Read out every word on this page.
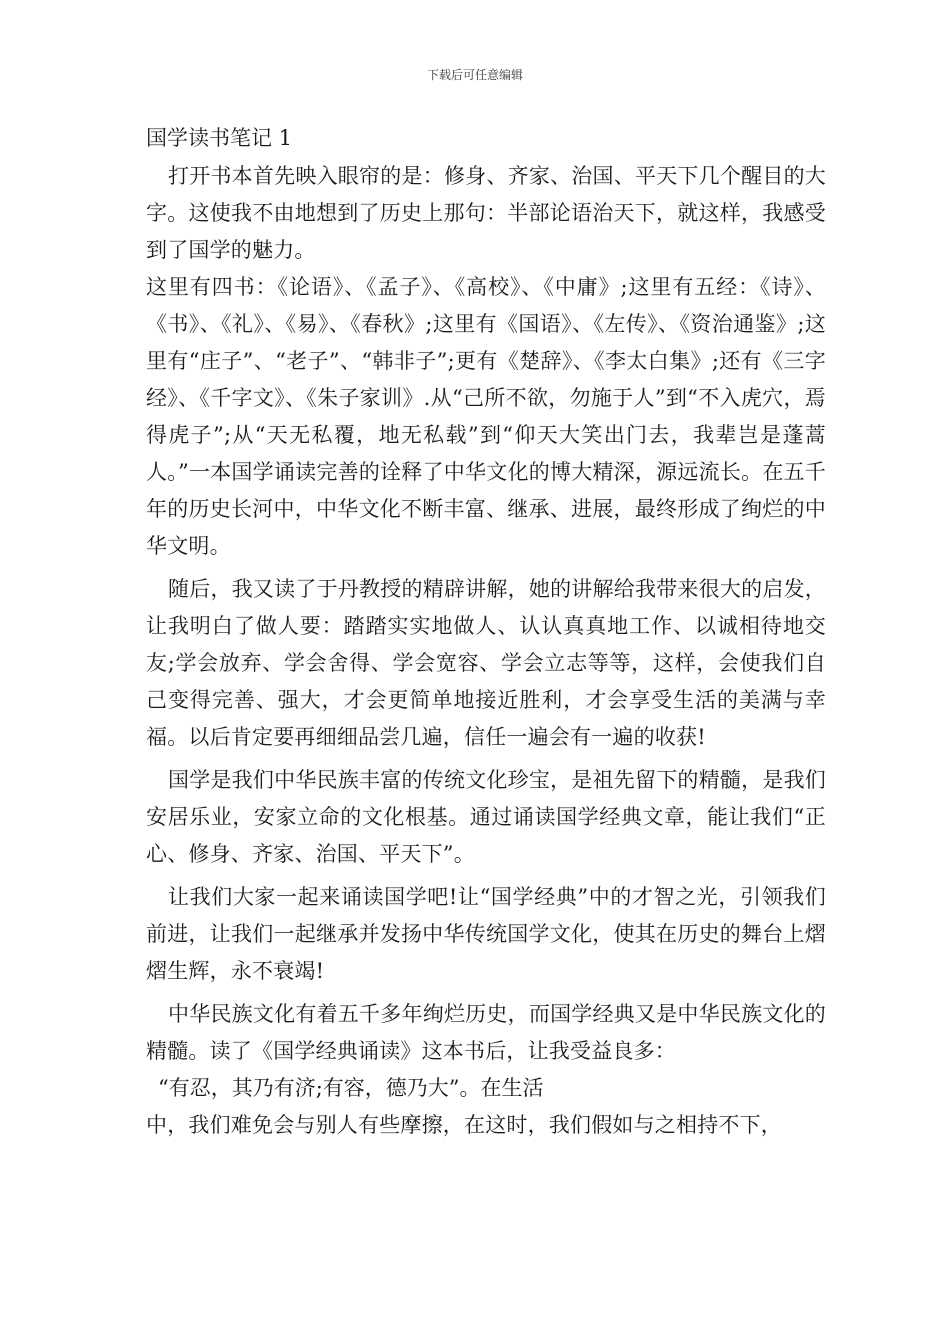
下载后可任意编辑
国学读书笔记 1

打开书本首先映入眼帘的是：修身、齐家、治国、平天下几个醒目的大字。这使我不由地想到了历史上那句：半部论语治天下，就这样，我感受到了国学的魅力。

这里有四书：《论语》、《孟子》、《高校》、《中庸》;这里有五经：《诗》、《书》、《礼》、《易》、《春秋》;这里有《国语》、《左传》、《资治通鉴》;这里有“庄子”、“老子”、“韩非子”;更有《楚辞》、《李太白集》;还有《三字经》、《千字文》、《朱子家训》.从“己所不欲，勿施于人”到“不入虎穴，焉得虎子”;从“天无私覆，地无私载”到“仰天大笑出门去，我辈岂是蓬蒿人。”一本国学诵读完善的诠释了中华文化的博大精深，源远流长。在五千年的历史长河中，中华文化不断丰富、继承、进展，最终形成了绚烂的中华文明。

随后，我又读了于丹教授的精辟讲解，她的讲解给我带来很大的启发，让我明白了做人要：踏踏实实地做人、认认真真地工作、以诚相待地交友;学会放弃、学会舍得、学会宽容、学会立志等等，这样，会使我们自己变得完善、强大，才会更简单地接近胜利，才会享受生活的美满与幸福。以后肯定要再细细品尝几遍，信任一遍会有一遍的收获!

国学是我们中华民族丰富的传统文化珍宝，是祖先留下的精髓，是我们安居乐业，安家立命的文化根基。通过诵读国学经典文章，能让我们“正心、修身、齐家、治国、平天下”。

让我们大家一起来诵读国学吧!让“国学经典”中的才智之光，引领我们前进，让我们一起继承并发扬中华传统国学文化，使其在历史的舞台上熠熠生辉，永不衰竭!

中华民族文化有着五千多年绚烂历史，而国学经典又是中华民族文化的精髓。读了《国学经典诵读》这本书后，让我受益良多：

“有忍，其乃有济;有容，德乃大”。在生活

中，我们难免会与别人有些摩擦，在这时，我们假如与之相持不下，
